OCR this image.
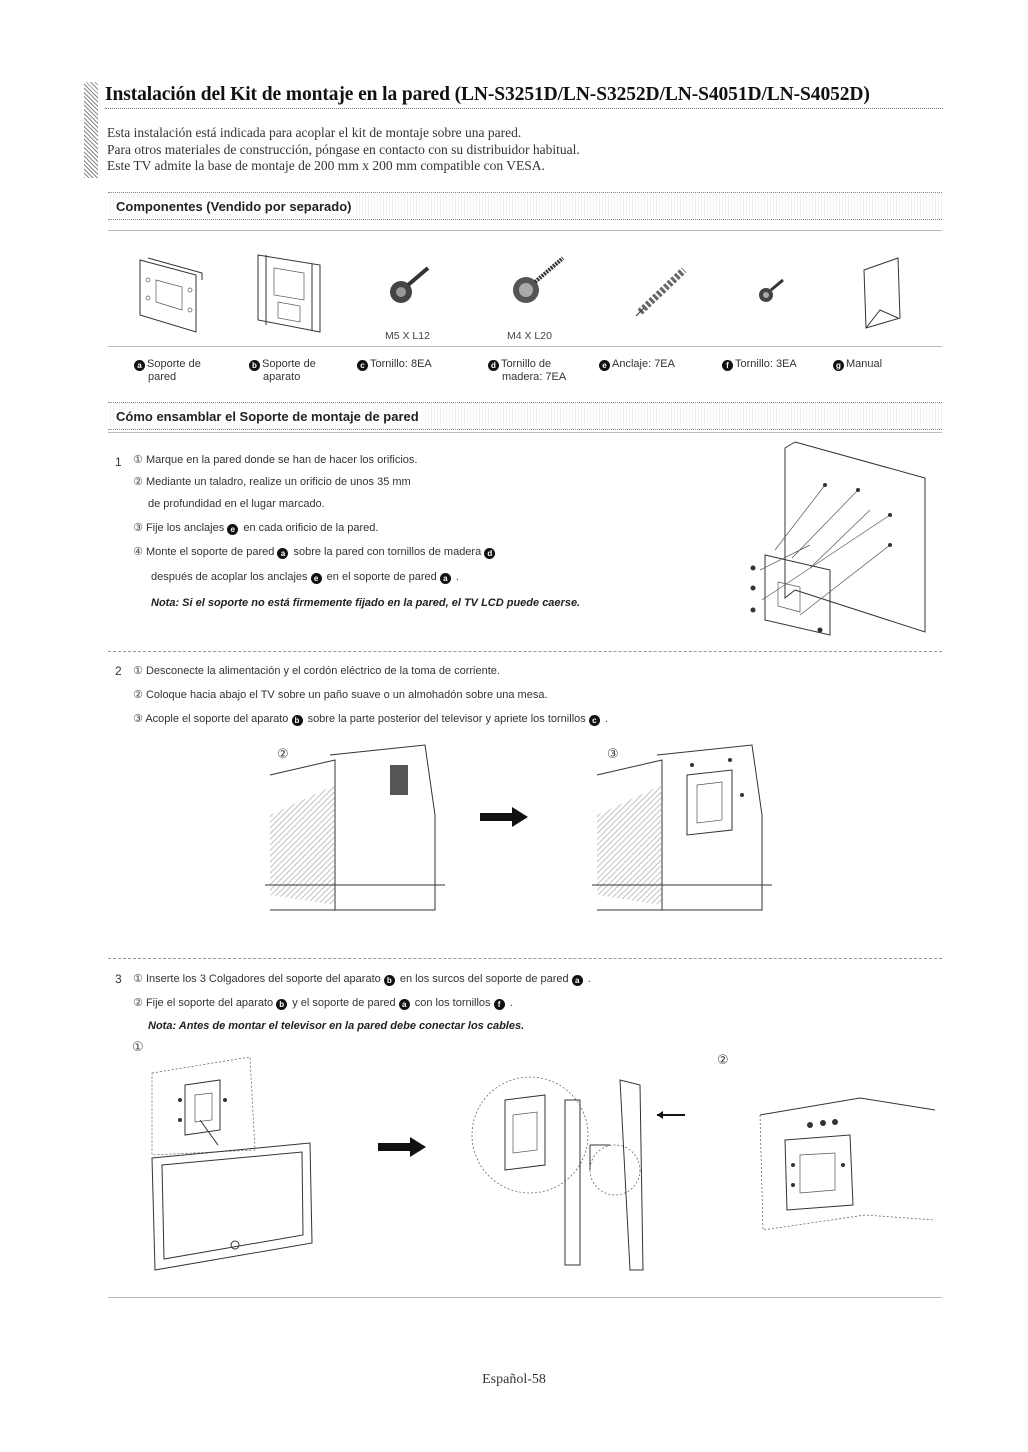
Instalación del Kit de montaje en la pared (LN-S3251D/LN-S3252D/LN-S4051D/LN-S4052D)
Esta instalación está indicada para acoplar el kit de montaje sobre una pared.
Para otros materiales de construcción, póngase en contacto con su distribuidor habitual.
Este TV admite la base de montaje de 200 mm x 200 mm compatible con VESA.
Componentes (Vendido por separado)
M5 X L12	M4 X L20
a Soporte de
pared
b Soporte de
aparato
c Tornillo: 8EA	d Tornillo de
madera: 7EA
e Anclaje: 7EA	f Tornillo: 3EA	g Manual
Cómo ensamblar el Soporte de montaje de pared
1 ① Marque en la pared donde se han de hacer los orificios.
② Mediante un taladro, realize un orificio de unos 35 mm
de profundidad en el lugar marcado.
③ Fije los anclajes e en cada orificio de la pared.
④ Monte el soporte de pared a sobre la pared con tornillos de madera d
después de acoplar los anclajes e en el soporte de pared a .
Nota: Si el soporte no está firmemente fijado en la pared, el TV LCD puede caerse.
2 ① Desconecte la alimentación y el cordón eléctrico de la toma de corriente.
② Coloque hacia abajo el TV sobre un paño suave o un almohadón sobre una mesa.
③ Acople el soporte del aparato b sobre la parte posterior del televisor y apriete los tornillos c .
②	③
3 ① Inserte los 3 Colgadores del soporte del aparato b en los surcos del soporte de pared a .
② Fije el soporte del aparato b y el soporte de pared a con los tornillos f .
Nota: Antes de montar el televisor en la pared debe conectar los cables.
①
②
Español-58
